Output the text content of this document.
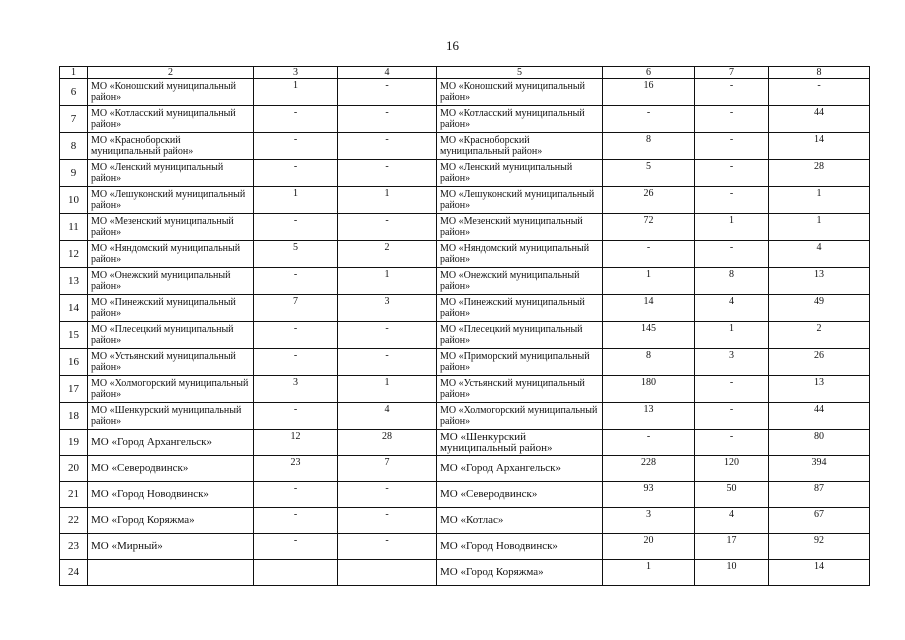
16
1	2	3	4	5	6	7	8
6	МО «Коношский муниципальный район»	1	-	МО «Коношский муниципальный район»	16	-	-
7	МО «Котласский муниципальный район»	-	-	МО «Котласский муниципальный район»	-	-	44
8	МО «Красноборский муниципальный район»	-	-	МО «Красноборский муниципальный район»	8	-	14
9	МО «Ленский муниципальный район»	-	-	МО «Ленский муниципальный район»	5	-	28
10	МО «Лешуконский муниципальный район»	1	1	МО «Лешуконский муниципальный район»	26	-	1
11	МО «Мезенский муниципальный район»	-	-	МО «Мезенский муниципальный район»	72	1	1
12	МО «Няндомский муниципальный район»	5	2	МО «Няндомский муниципальный район»	-	-	4
13	МО «Онежский муниципальный район»	-	1	МО «Онежский муниципальный район»	1	8	13
14	МО «Пинежский муниципальный район»	7	3	МО «Пинежский муниципальный район»	14	4	49
15	МО «Плесецкий муниципальный район»	-	-	МО «Плесецкий муниципальный район»	145	1	2
16	МО «Устьянский муниципальный район»	-	-	МО «Приморский муниципальный район»	8	3	26
17	МО «Холмогорский муниципальный район»	3	1	МО «Устьянский муниципальный район»	180	-	13
18	МО «Шенкурский муниципальный район»	-	4	МО «Холмогорский муниципальный район»	13	-	44
19	МО «Город Архангельск»	12	28	МО «Шенкурский муниципальный район»	-	-	80
20	МО «Северодвинск»	23	7	МО «Город Архангельск»	228	120	394
21	МО «Город Новодвинск»	-	-	МО «Северодвинск»	93	50	87
22	МО «Город Коряжма»	-	-	МО «Котлас»	3	4	67
23	МО «Мирный»	-	-	МО «Город Новодвинск»	20	17	92
24				МО «Город Коряжма»	1	10	14
